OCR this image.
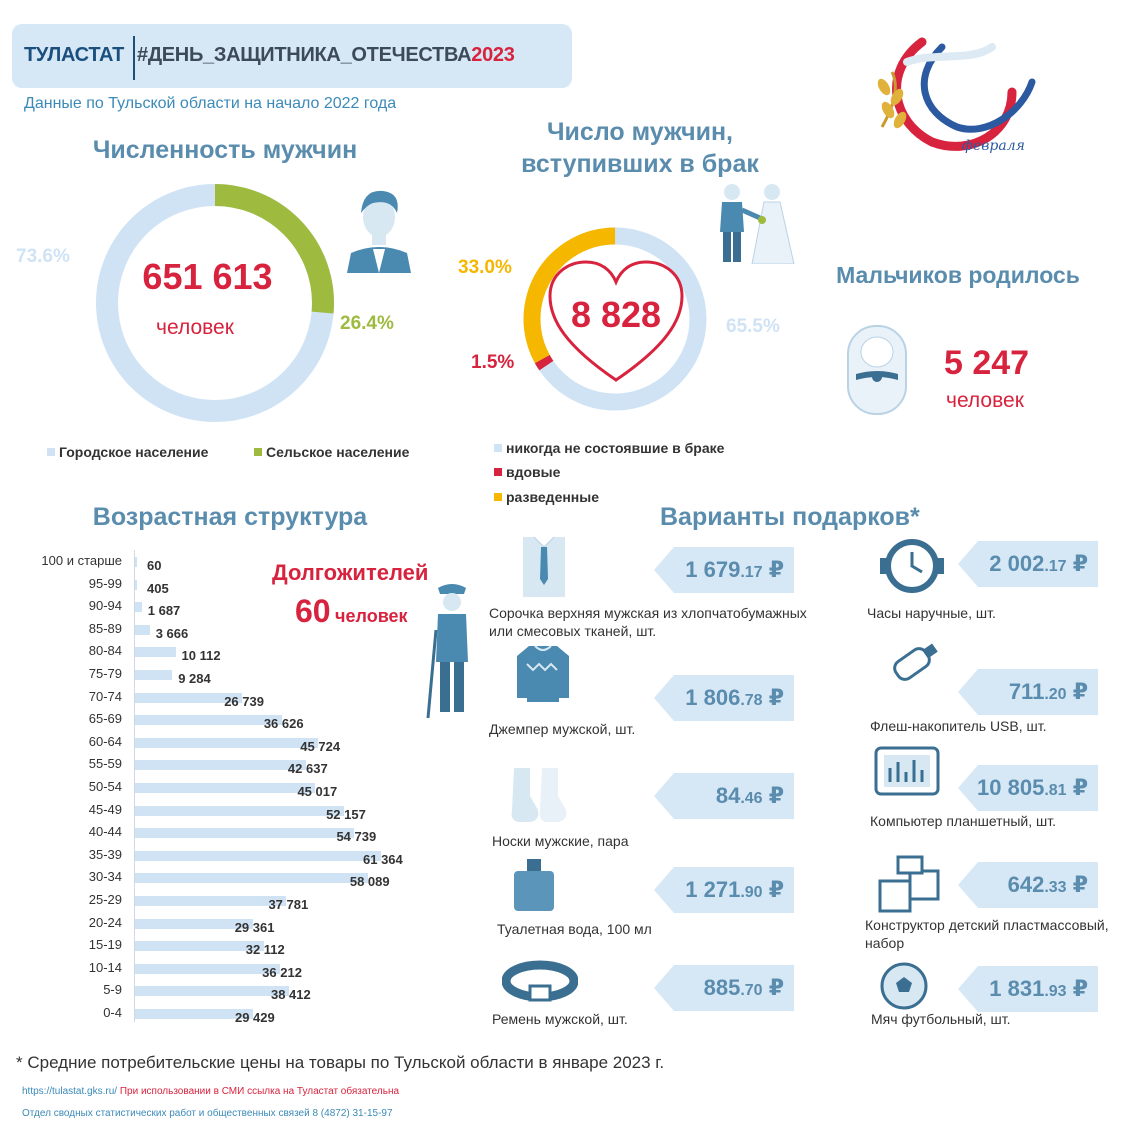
ТУЛАСТАТ #ДЕНЬ_ЗАЩИТНИКА_ОТЕЧЕСТВА2023
Данные по Тульской области на начало 2022 года
февраля
Численность мужчин
651 613
человек
73.6%
26.4%
Городское население	Сельское население
Число мужчин,
вступивших в брак
8 828
33.0%
1.5%
65.5%
никогда не состоявшие в браке
вдовые
разведенные
Мальчиков родилось
5 247
человек
Возрастная структура
100 и старше 60
95-99 405
90-94 1 687
85-89	3 666
80-84	10 112
75-79	9 284
70-74	26 739
65-69	36 626
60-64	45 724
55-59	42 637
50-54	45 017
45-49	52 157
40-44	54 739
35-39	61 364
30-34	58 089
25-29	37 781
20-24	29 361
15-19	32 112
10-14	36 212
5-9	38 412
0-4	29 429
Долгожителей
60 человек
Варианты подарков*
1 679.17 ₽
Сорочка верхняя мужская из хлопчатобумажных или смесовых тканей, шт.
1 806.78 ₽
Джемпер мужской, шт.
84.46 ₽
Носки мужские, пара
1 271.90 ₽
Туалетная вода, 100 мл
885.70 ₽
Ремень мужской, шт.
2 002.17 ₽
Часы наручные, шт.
711.20 ₽
Флеш-накопитель USB, шт.
10 805.81 ₽
Компьютер планшетный, шт.
642.33 ₽
Конструктор детский пластмассовый, набор
1 831.93 ₽
Мяч футбольный, шт.
* Средние потребительские цены на товары по Тульской области в январе 2023 г.
https://tulastat.gks.ru/ При использовании в СМИ ссылка на Туластат обязательна
Отдел сводных статистических работ и общественных связей 8 (4872) 31-15-97
